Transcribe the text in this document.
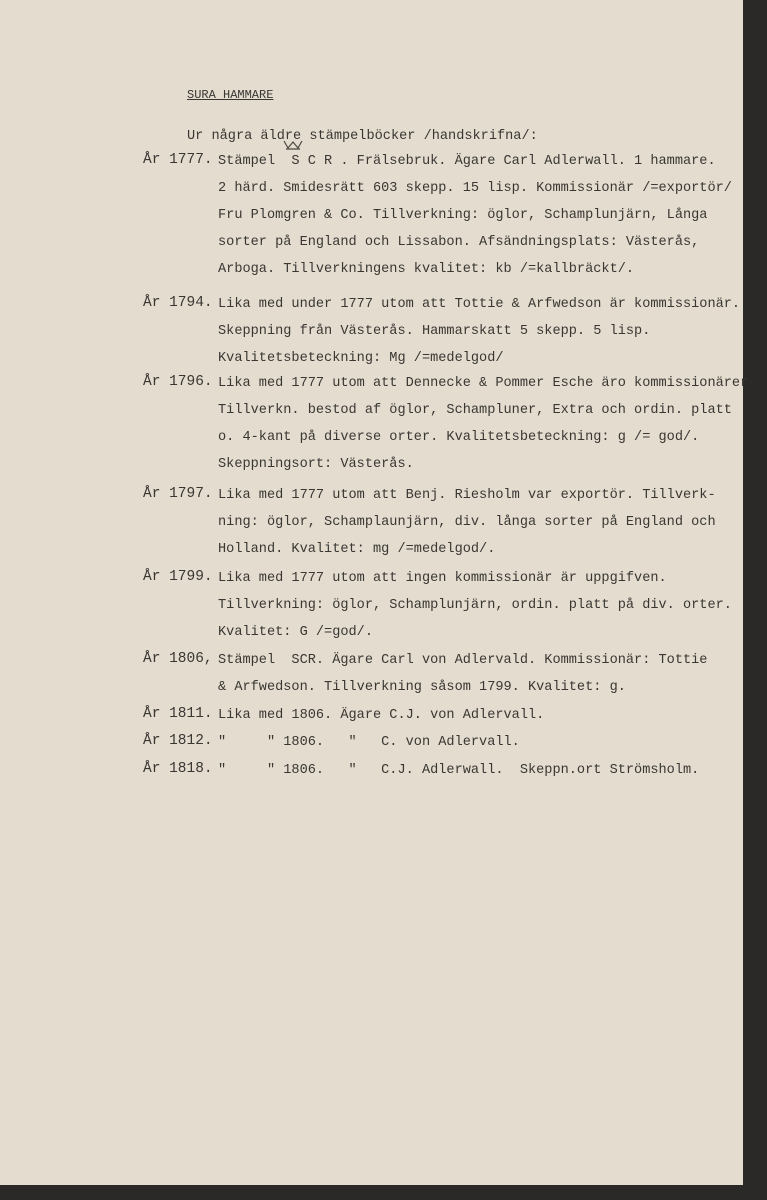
SURA HAMMARE
Ur några äldre stämpelböcker /handskrifna/:
År 1777. Stämpel  S C R . Frälsebruk. Ägare Carl Adlerwall. 1 hammare.
2 härd. Smidesrätt 603 skepp. 15 lisp. Kommissionär /=exportör/
Fru Plomgren & Co. Tillverkning: öglor, Schamplunjärn, Långa
sorter på England och Lissabon. Afsändningsplats: Västerås,
Arboga. Tillverkningens kvalitet: kb /=kallbräckt/.
År 1794. Lika med under 1777 utom att Tottie & Arfwedson är kommissionär.
Skeppning från Västerås. Hammarskatt 5 skepp. 5 lisp.
Kvalitetsbeteckning: Mg /=medelgod/
År 1796. Lika med 1777 utom att Dennecke & Pommer Esche äro kommissionärer
Tillverkn. bestod af öglor, Schampluner, Extra och ordin. platt
o. 4-kant på diverse orter. Kvalitetsbeteckning: g /= god/.
Skeppningsort: Västerås.
År 1797. Lika med 1777 utom att Benj. Riesholm var exportör. Tillverk-
ning: öglor, Schamplaunjärn, div. långa sorter på England och
Holland. Kvalitet: mg /=medelgod/.
År 1799. Lika med 1777 utom att ingen kommissionär är uppgifven.
Tillverkning: öglor, Schamplunjärn, ordin. platt på div. orter.
Kvalitet: G /=god/.
År 1806, Stämpel  SCR. Ägare Carl von Adlervald. Kommissionär: Tottie
& Arfwedson. Tillverkning såsom 1799. Kvalitet: g.
År 1811. Lika med 1806. Ägare C.J. von Adlervall.
År 1812. "     " 1806.   "   C. von Adlervall.
År 1818. "     " 1806.   "   C.J. Adlerwall.  Skeppn.ort Strömsholm.
